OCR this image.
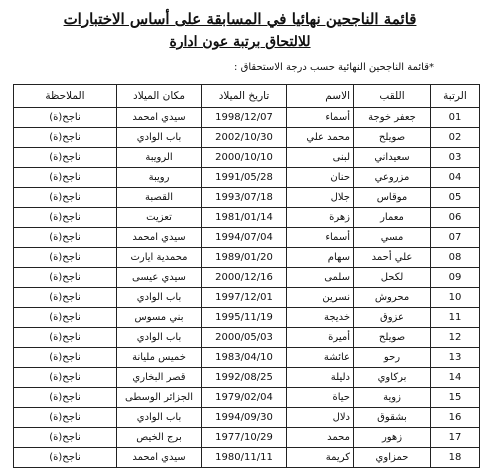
قائمة الناجحين نهائيا في المسابقة على أساس الاختبارات
للالتحاق برتبة عون ادارة
*قائمة الناجحين النهائية حسب درجة الاستحقاق :
الرتبة	اللقب	الاسم	تاريخ الميلاد	مكان الميلاد	الملاحظة
01	جعفر خوجة	أسماء	1998/12/07	سيدي امحمد	ناجح(ة)
02	صويلح	محمد علي	2002/10/30	باب الوادي	ناجح(ة)
03	سعيداني	لبنى	2000/10/10	الرويبة	ناجح(ة)
04	مزروعي	حنان	1991/05/28	رويبة	ناجح(ة)
05	موقاس	جلال	1993/07/18	القصبة	ناجح(ة)
06	معمار	زهرة	1981/01/14	تعزيت	ناجح(ة)
07	مسي	أسماء	1994/07/04	سيدي امحمد	ناجح(ة)
08	علي أحمد	سهام	1989/01/20	محمدية ايارت	ناجح(ة)
09	لكحل	سلمى	2000/12/16	سيدي عيسى	ناجح(ة)
10	محروش	نسرين	1997/12/01	باب الوادي	ناجح(ة)
11	عزوق	خديجة	1995/11/19	بني مسوس	ناجح(ة)
12	صويلح	أميرة	2000/05/03	باب الوادي	ناجح(ة)
13	رحو	عائشة	1983/04/10	خميس مليانة	ناجح(ة)
14	بركاوي	دليلة	1992/08/25	قصر البخاري	ناجح(ة)
15	زوية	حياة	1979/02/04	الجزائر الوسطى	ناجح(ة)
16	بشقوق	دلال	1994/09/30	باب الوادي	ناجح(ة)
17	زهور	محمد	1977/10/29	برج الخيص	ناجح(ة)
18	حمزاوي	كريمة	1980/11/11	سيدي امحمد	ناجح(ة)
